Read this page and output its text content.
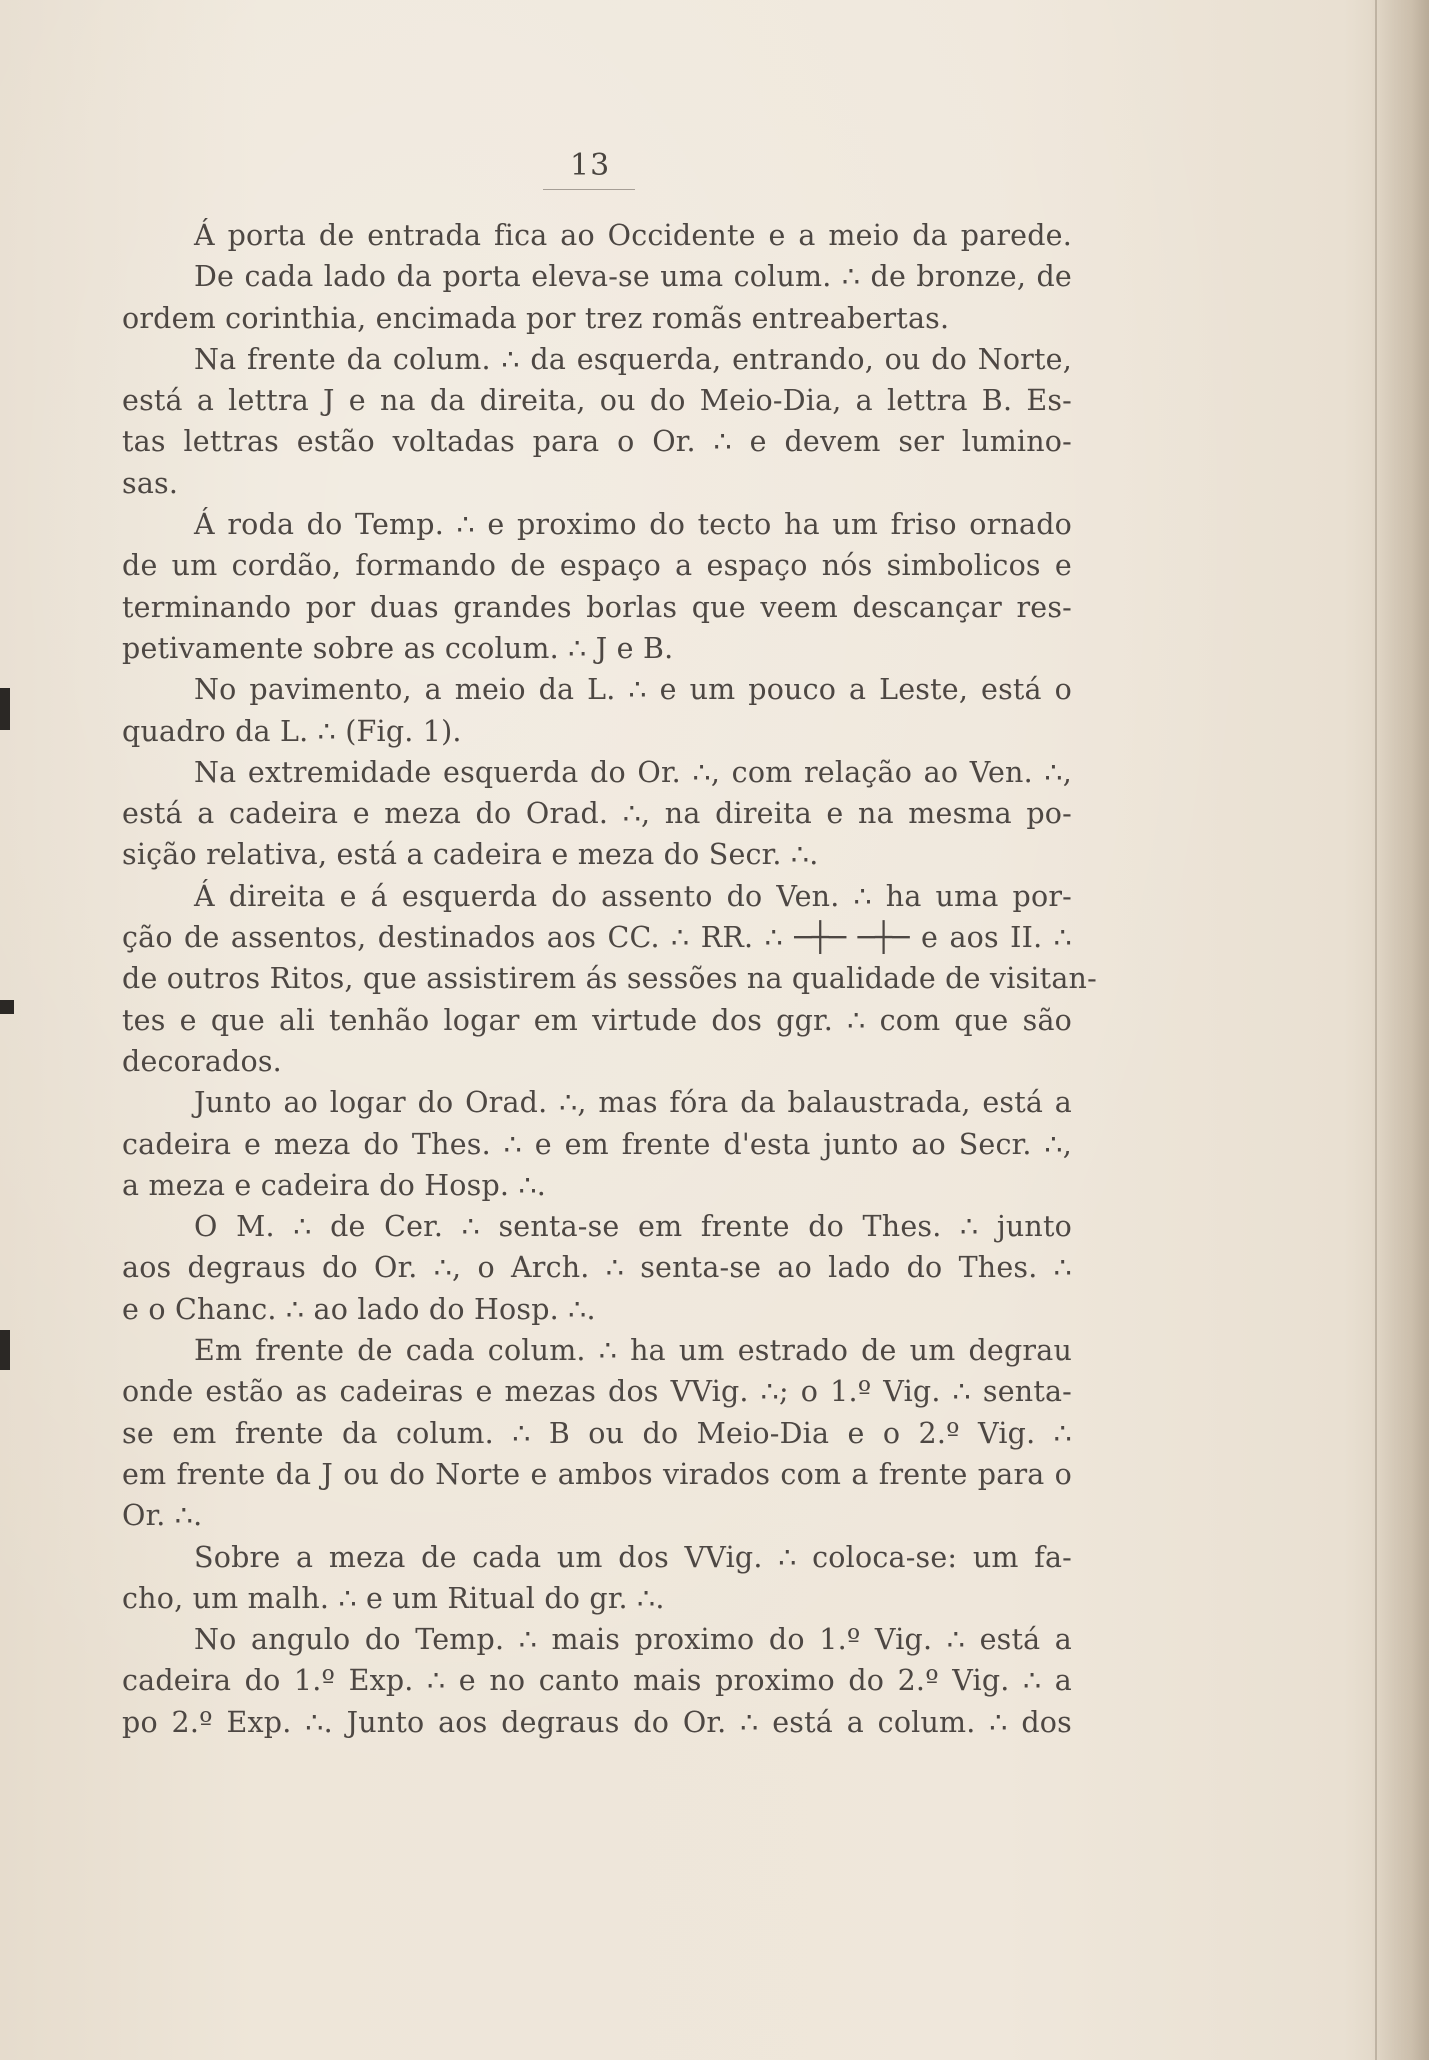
13
Á porta de entrada fica ao Occidente e a meio da parede.
De cada lado da porta eleva-se uma colum. ∴ de bronze, de
ordem corinthia, encimada por trez romãs entreabertas.
Na frente da colum. ∴ da esquerda, entrando, ou do Norte,
está a lettra J e na da direita, ou do Meio-Dia, a lettra B. Es-
tas lettras estão voltadas para o Or. ∴ e devem ser lumino-
sas.
Á roda do Temp. ∴ e proximo do tecto ha um friso ornado
de um cordão, formando de espaço a espaço nós simbolicos e
terminando por duas grandes borlas que veem descançar res-
petivamente sobre as ccolum. ∴ J e B.
No pavimento, a meio da L. ∴ e um pouco a Leste, está o
quadro da L. ∴ (Fig. 1).
Na extremidade esquerda do Or. ∴, com relação ao Ven. ∴,
está a cadeira e meza do Orad. ∴, na direita e na mesma po-
sição relativa, está a cadeira e meza do Secr. ∴.
Á direita e á esquerda do assento do Ven. ∴ ha uma por-
ção de assentos, destinados aos CC. ∴ RR. ∴ ─┼─ ─┼─ e aos II. ∴
de outros Ritos, que assistirem ás sessões na qualidade de visitan-
tes e que ali tenhão logar em virtude dos ggr. ∴ com que são
decorados.
Junto ao logar do Orad. ∴, mas fóra da balaustrada, está a
cadeira e meza do Thes. ∴ e em frente d'esta junto ao Secr. ∴,
a meza e cadeira do Hosp. ∴.
O M. ∴ de Cer. ∴ senta-se em frente do Thes. ∴ junto
aos degraus do Or. ∴, o Arch. ∴ senta-se ao lado do Thes. ∴
e o Chanc. ∴ ao lado do Hosp. ∴.
Em frente de cada colum. ∴ ha um estrado de um degrau
onde estão as cadeiras e mezas dos VVig. ∴; o 1.º Vig. ∴ senta-
se em frente da colum. ∴ B ou do Meio-Dia e o 2.º Vig. ∴
em frente da J ou do Norte e ambos virados com a frente para o
Or. ∴.
Sobre a meza de cada um dos VVig. ∴ coloca-se: um fa-
cho, um malh. ∴ e um Ritual do gr. ∴.
No angulo do Temp. ∴ mais proximo do 1.º Vig. ∴ está a
cadeira do 1.º Exp. ∴ e no canto mais proximo do 2.º Vig. ∴ a
po 2.º Exp. ∴. Junto aos degraus do Or. ∴ está a colum. ∴ dos
